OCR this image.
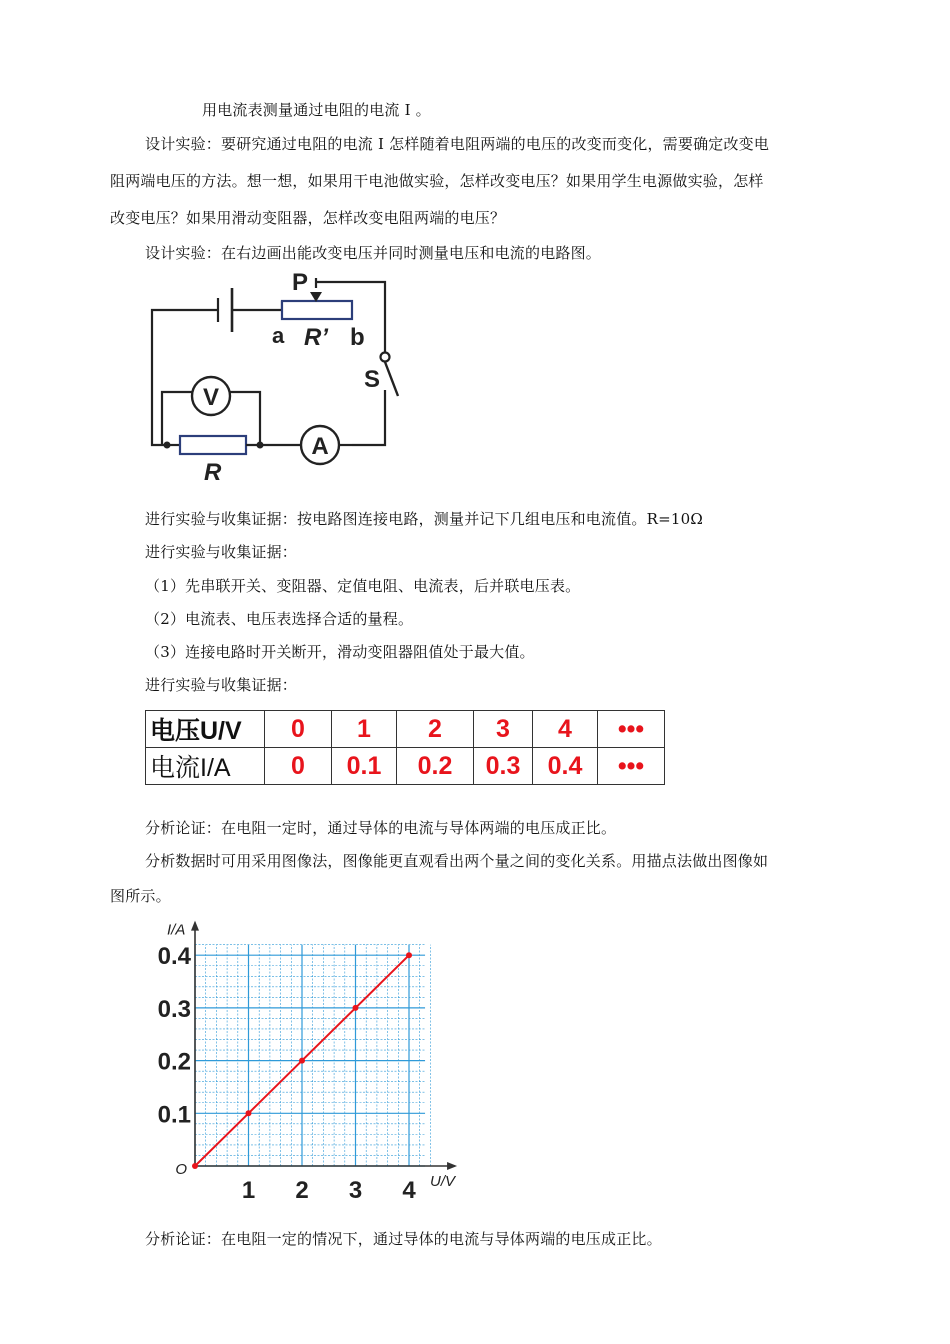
用电流表测量通过电阻的电流 I 。
设计实验：要研究通过电阻的电流 I 怎样随着电阻两端的电压的改变而变化，需要确定改变电
阻两端电压的方法。想一想，如果用干电池做实验，怎样改变电压？如果用学生电源做实验，怎样
改变电压？如果用滑动变阻器，怎样改变电阻两端的电压？
设计实验：在右边画出能改变电压并同时测量电压和电流的电路图。
P
a R’ b
S
V
A
R
进行实验与收集证据：按电路图连接电路，测量并记下几组电压和电流值。R=10Ω
进行实验与收集证据：
（1）先串联开关、变阻器、定值电阻、电流表，后并联电压表。
（2）电流表、电压表选择合适的量程。
（3）连接电路时开关断开，滑动变阻器阻值处于最大值。
进行实验与收集证据：
电压U/V	0	1	2	3	4	•••
电流I/A	0	0.1	0.2	0.3	0.4	•••
分析论证：在电阻一定时，通过导体的电流与导体两端的电压成正比。
分析数据时可用采用图像法，图像能更直观看出两个量之间的变化关系。用描点法做出图像如
图所示。
1 2 3 4
0.1
0.2
0.3
0.4
O
I/A
U/V
分析论证：在电阻一定的情况下，通过导体的电流与导体两端的电压成正比。
